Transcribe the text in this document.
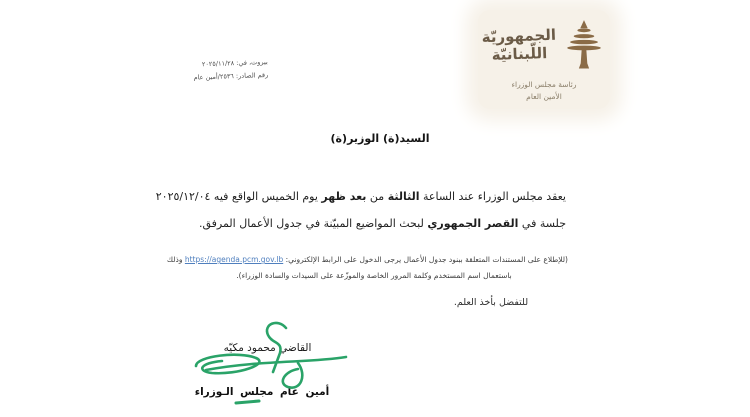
الجمهوريّة
اللّبنانيّة
رئاسة مجلس الوزراء
الأمين العام
بيروت، في: ٢٠٢٥/١١/٢٨
رقم الصادر: ٢٥٣٦/أمين عام
السيد(ة) الوزير(ة)
يعقد مجلس الوزراء عند الساعة الثالثة من بعد ظهر يوم الخميس الواقع فيه ٢٠٢٥/١٢/٠٤
جلسة في القصر الجمهوري لبحث المواضيع المبيّنة في جدول الأعمال المرفق.
(للإطلاع على المستندات المتعلقة ببنود جدول الأعمال يرجى الدخول على الرابط الإلكتروني: https://agenda.pcm.gov.lb وذلك
باستعمال اسم المستخدم وكلمة المرور الخاصة والموزّعة على السيدات والسادة الوزراء).
للتفضل بأخذ العلم.
القاضي محمود مكيّه
أمين عام مجلس الـوزراء
